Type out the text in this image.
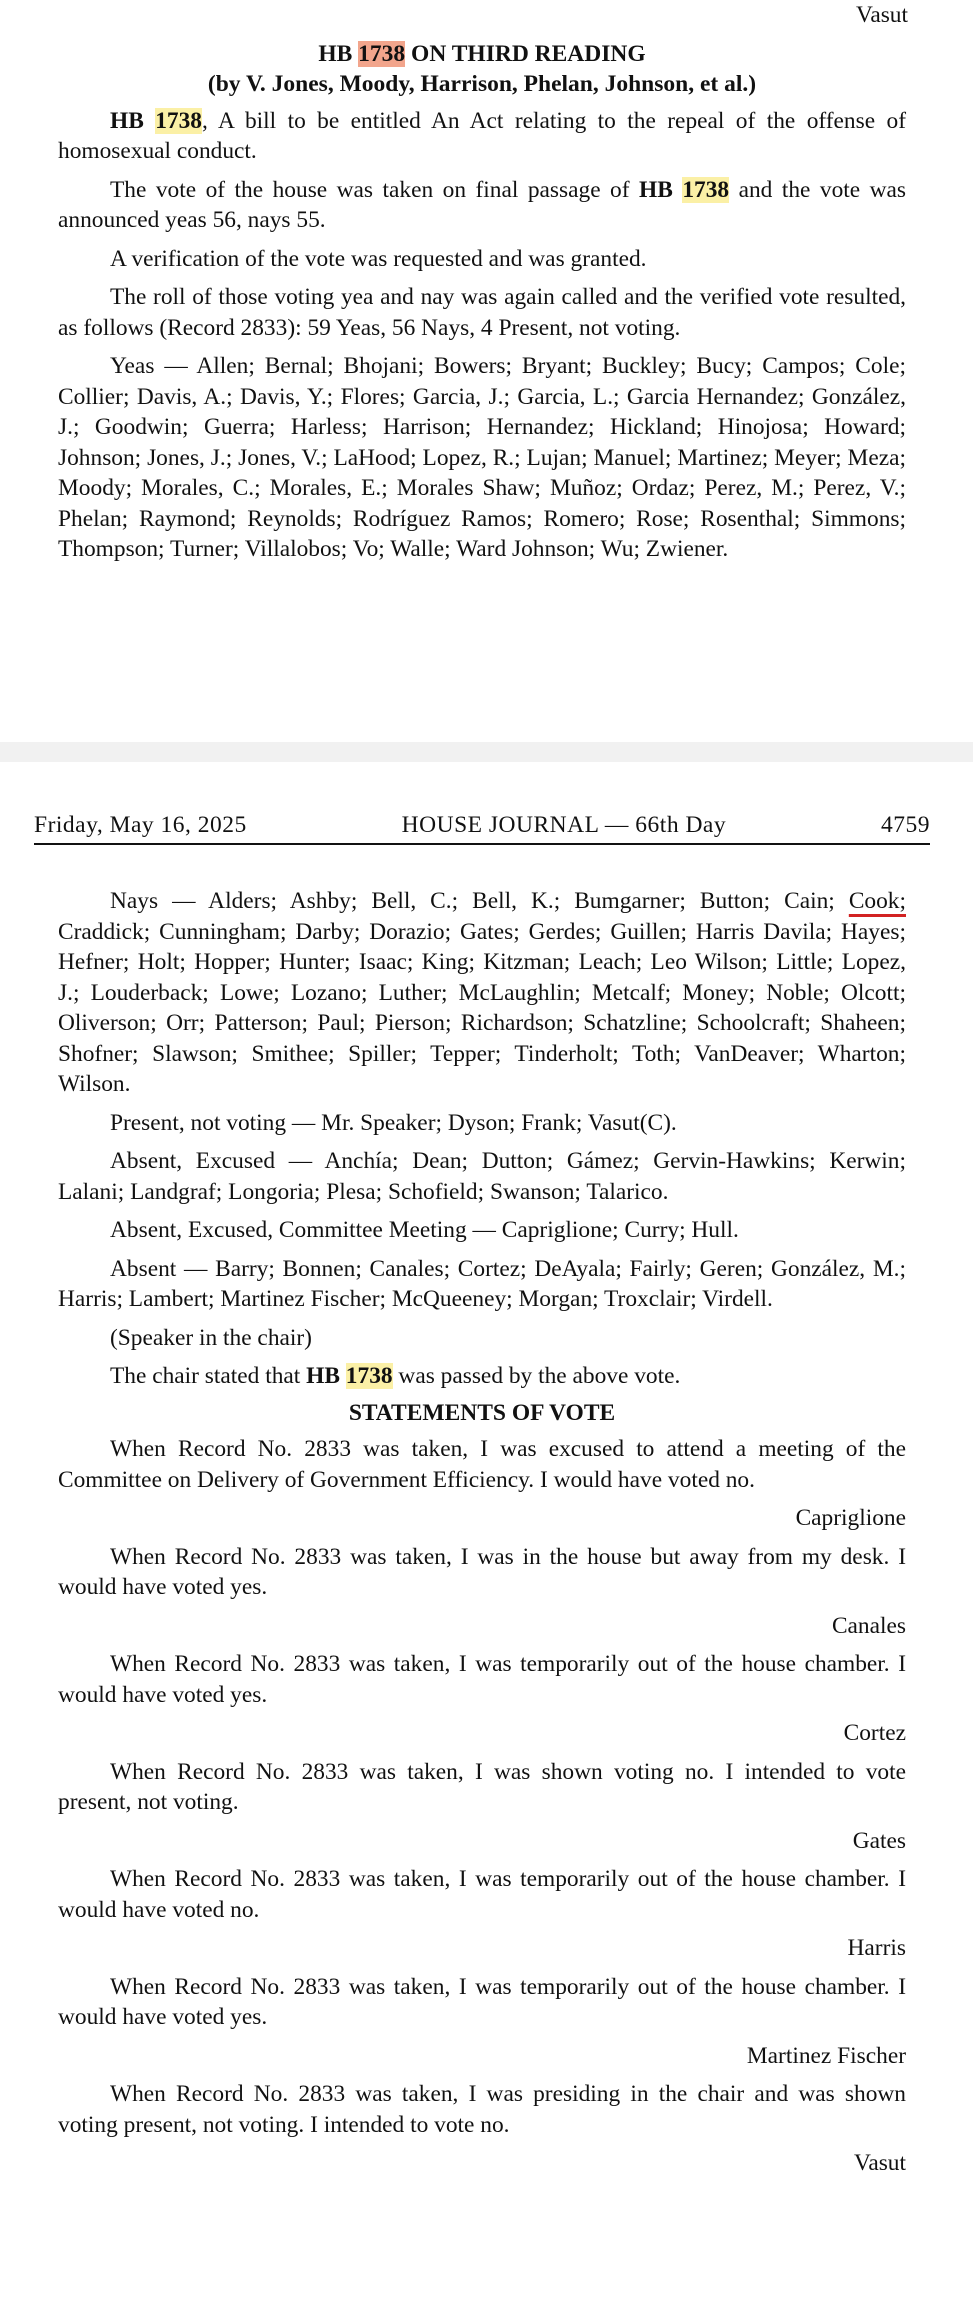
Vasut
HB 1738 ON THIRD READING
(by V. Jones, Moody, Harrison, Phelan, Johnson, et al.)

HB 1738, A bill to be entitled An Act relating to the repeal of the offense of homosexual conduct.

The vote of the house was taken on final passage of HB 1738 and the vote was announced yeas 56, nays 55.

A verification of the vote was requested and was granted.

The roll of those voting yea and nay was again called and the verified vote resulted, as follows (Record 2833): 59 Yeas, 56 Nays, 4 Present, not voting.

Yeas — Allen; Bernal; Bhojani; Bowers; Bryant; Buckley; Bucy; Campos; Cole; Collier; Davis, A.; Davis, Y.; Flores; Garcia, J.; Garcia, L.; Garcia Hernandez; González, J.; Goodwin; Guerra; Harless; Harrison; Hernandez; Hickland; Hinojosa; Howard; Johnson; Jones, J.; Jones, V.; LaHood; Lopez, R.; Lujan; Manuel; Martinez; Meyer; Meza; Moody; Morales, C.; Morales, E.; Morales Shaw; Muñoz; Ordaz; Perez, M.; Perez, V.; Phelan; Raymond; Reynolds; Rodríguez Ramos; Romero; Rose; Rosenthal; Simmons; Thompson; Turner; Villalobos; Vo; Walle; Ward Johnson; Wu; Zwiener.

Friday, May 16, 2025	HOUSE JOURNAL — 66th Day	4759

Nays — Alders; Ashby; Bell, C.; Bell, K.; Bumgarner; Button; Cain; Cook; Craddick; Cunningham; Darby; Dorazio; Gates; Gerdes; Guillen; Harris Davila; Hayes; Hefner; Holt; Hopper; Hunter; Isaac; King; Kitzman; Leach; Leo Wilson; Little; Lopez, J.; Louderback; Lowe; Lozano; Luther; McLaughlin; Metcalf; Money; Noble; Olcott; Oliverson; Orr; Patterson; Paul; Pierson; Richardson; Schatzline; Schoolcraft; Shaheen; Shofner; Slawson; Smithee; Spiller; Tepper; Tinderholt; Toth; VanDeaver; Wharton; Wilson.

Present, not voting — Mr. Speaker; Dyson; Frank; Vasut(C).

Absent, Excused — Anchía; Dean; Dutton; Gámez; Gervin-Hawkins; Kerwin; Lalani; Landgraf; Longoria; Plesa; Schofield; Swanson; Talarico.

Absent, Excused, Committee Meeting — Capriglione; Curry; Hull.

Absent — Barry; Bonnen; Canales; Cortez; DeAyala; Fairly; Geren; González, M.; Harris; Lambert; Martinez Fischer; McQueeney; Morgan; Troxclair; Virdell.

(Speaker in the chair)

The chair stated that HB 1738 was passed by the above vote.

STATEMENTS OF VOTE

When Record No. 2833 was taken, I was excused to attend a meeting of the Committee on Delivery of Government Efficiency. I would have voted no.

Capriglione

When Record No. 2833 was taken, I was in the house but away from my desk. I would have voted yes.

Canales

When Record No. 2833 was taken, I was temporarily out of the house chamber. I would have voted yes.

Cortez

When Record No. 2833 was taken, I was shown voting no. I intended to vote present, not voting.

Gates

When Record No. 2833 was taken, I was temporarily out of the house chamber. I would have voted no.

Harris

When Record No. 2833 was taken, I was temporarily out of the house chamber. I would have voted yes.

Martinez Fischer

When Record No. 2833 was taken, I was presiding in the chair and was shown voting present, not voting. I intended to vote no.

Vasut
